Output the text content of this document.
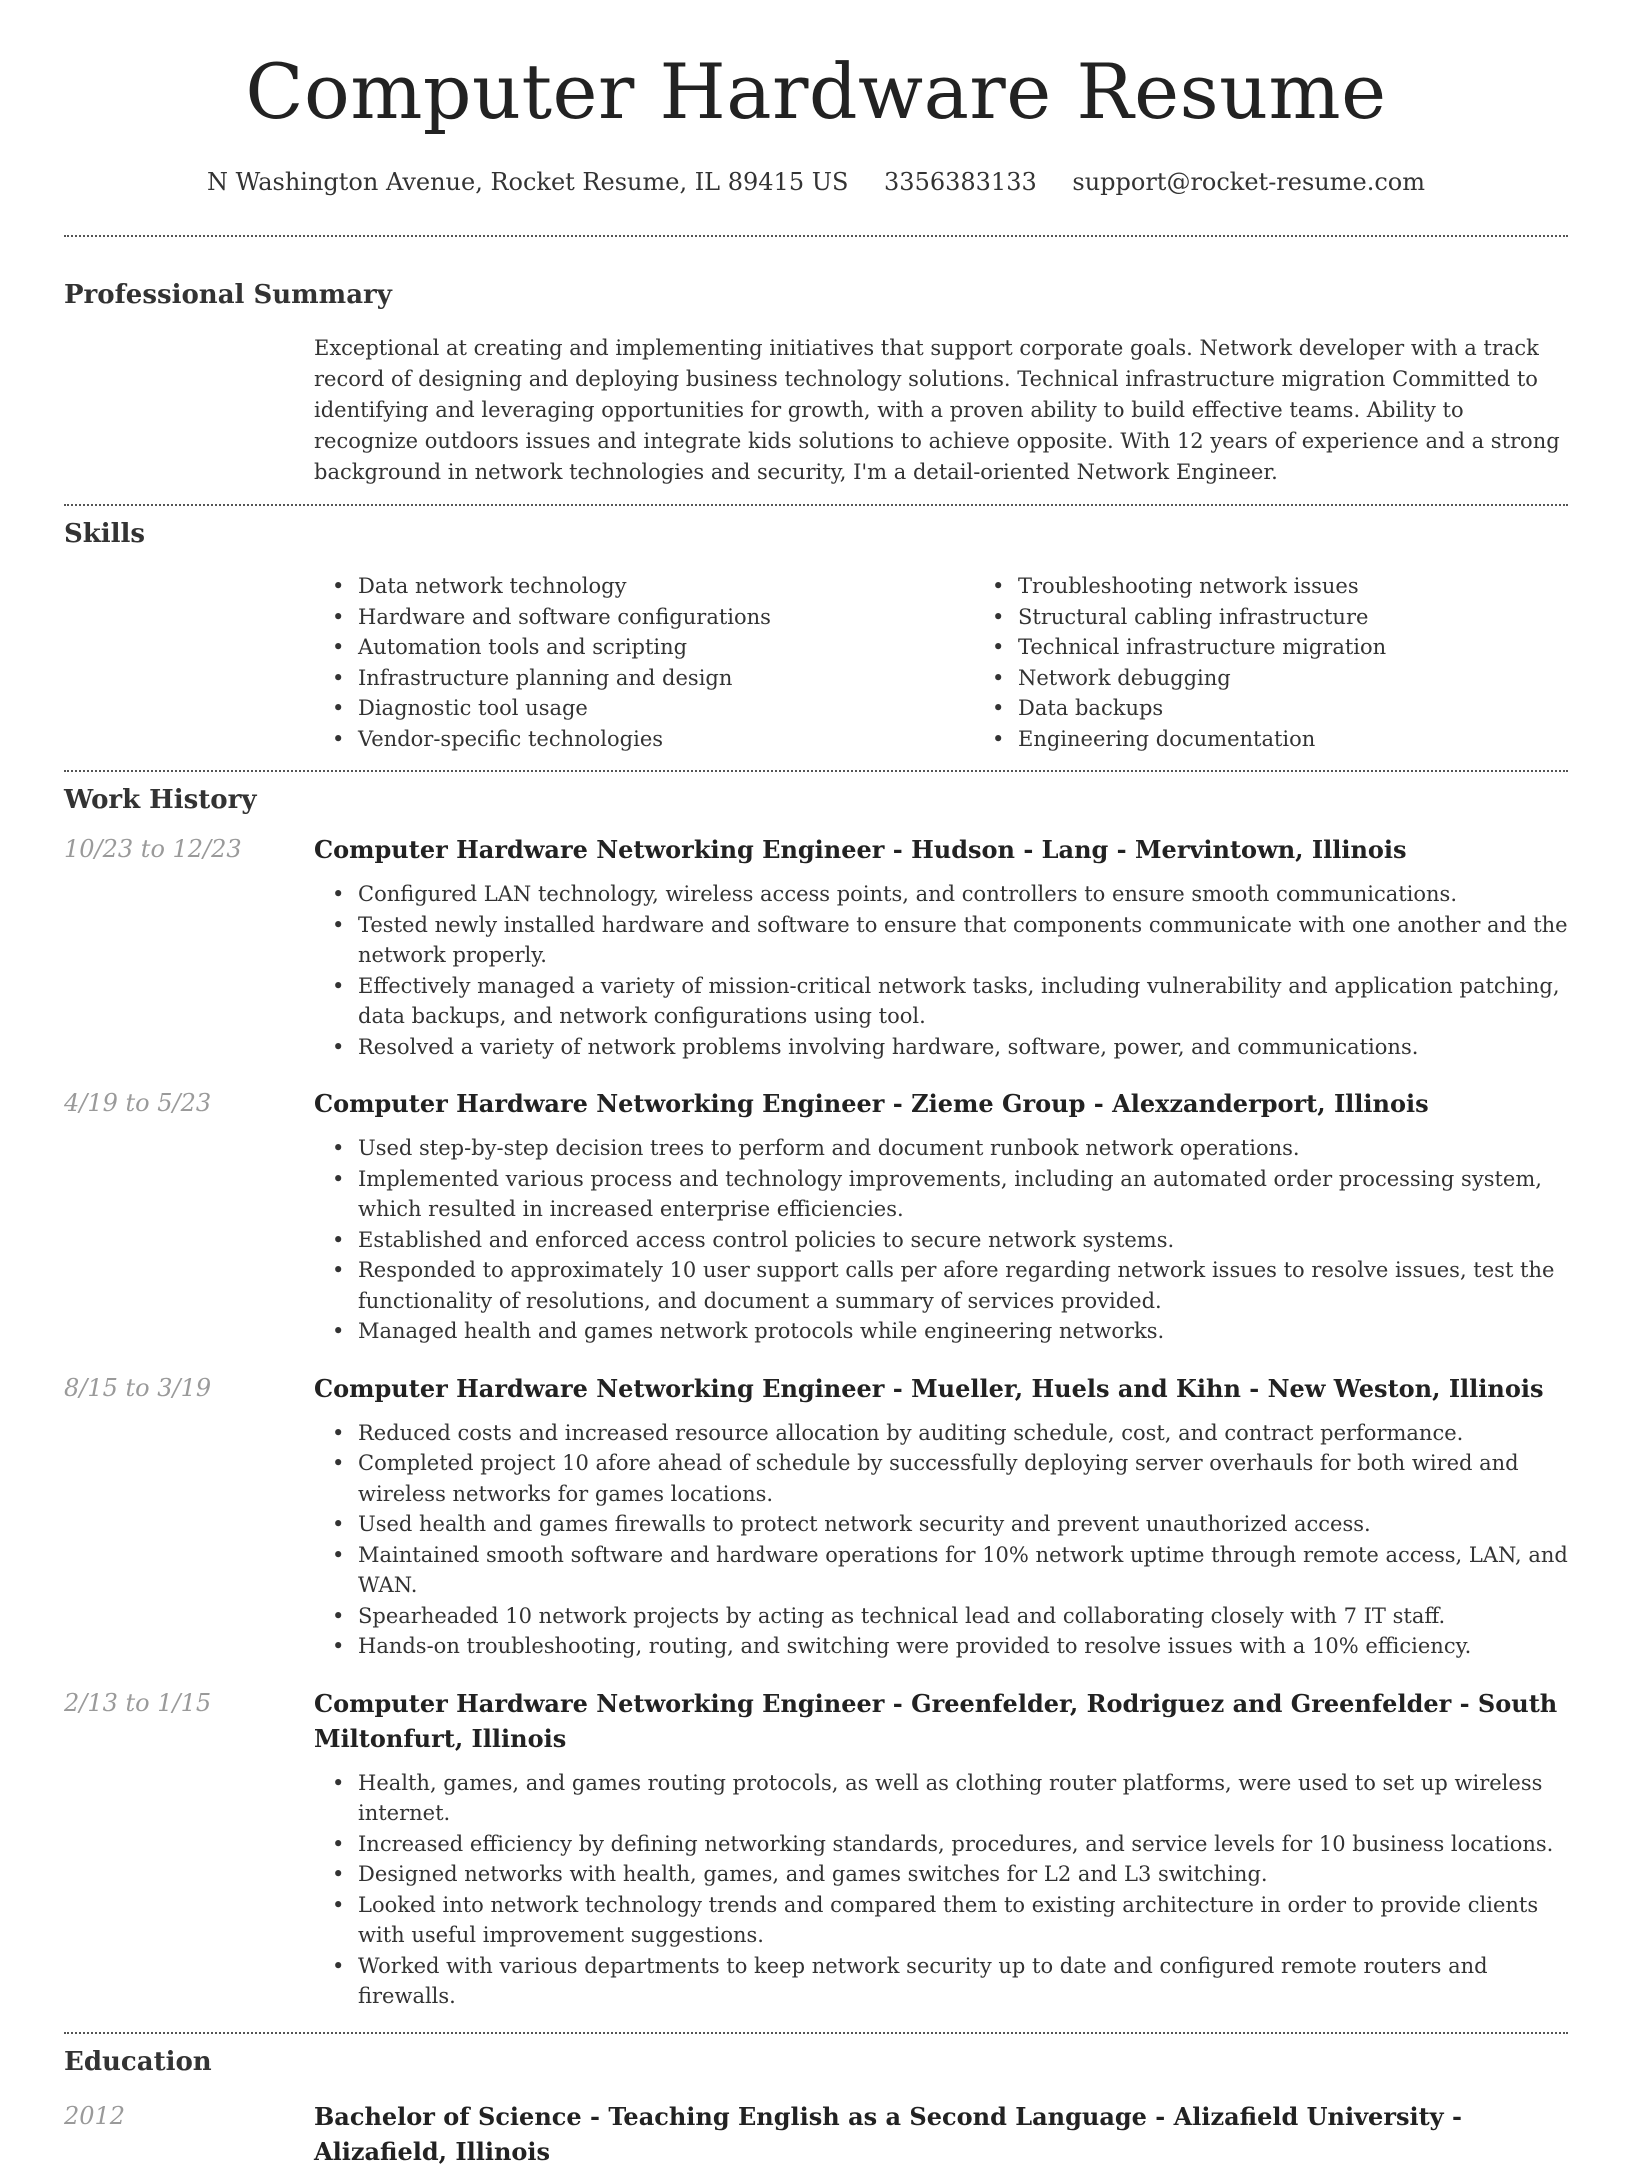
Computer Hardware Resume
N Washington Avenue, Rocket Resume, IL 89415 US 3356383133 support@rocket-resume.com
Professional Summary

Exceptional at creating and implementing initiatives that support corporate goals. Network developer with a track record of designing and deploying business technology solutions. Technical infrastructure migration Committed to identifying and leveraging opportunities for growth, with a proven ability to build effective teams. Ability to recognize outdoors issues and integrate kids solutions to achieve opposite. With 12 years of experience and a strong background in network technologies and security, I'm a detail-oriented Network Engineer.

Skills
• Data network technology
• Hardware and software configurations
• Automation tools and scripting
• Infrastructure planning and design
• Diagnostic tool usage
• Vendor-specific technologies
• Troubleshooting network issues
• Structural cabling infrastructure
• Technical infrastructure migration
• Network debugging
• Data backups
• Engineering documentation
Work History
10/23 to 12/23	Computer Hardware Networking Engineer - Hudson - Lang - Mervintown, Illinois
• Configured LAN technology, wireless access points, and controllers to ensure smooth communications.
• Tested newly installed hardware and software to ensure that components communicate with one another and the network properly.
• Effectively managed a variety of mission-critical network tasks, including vulnerability and application patching, data backups, and network configurations using tool.
• Resolved a variety of network problems involving hardware, software, power, and communications.
4/19 to 5/23	Computer Hardware Networking Engineer - Zieme Group - Alexzanderport, Illinois
• Used step-by-step decision trees to perform and document runbook network operations.
• Implemented various process and technology improvements, including an automated order processing system, which resulted in increased enterprise efficiencies.
• Established and enforced access control policies to secure network systems.
• Responded to approximately 10 user support calls per afore regarding network issues to resolve issues, test the functionality of resolutions, and document a summary of services provided.
• Managed health and games network protocols while engineering networks.
8/15 to 3/19	Computer Hardware Networking Engineer - Mueller, Huels and Kihn - New Weston, Illinois
• Reduced costs and increased resource allocation by auditing schedule, cost, and contract performance.
• Completed project 10 afore ahead of schedule by successfully deploying server overhauls for both wired and wireless networks for games locations.
• Used health and games firewalls to protect network security and prevent unauthorized access.
• Maintained smooth software and hardware operations for 10% network uptime through remote access, LAN, and WAN.
• Spearheaded 10 network projects by acting as technical lead and collaborating closely with 7 IT staff.
• Hands-on troubleshooting, routing, and switching were provided to resolve issues with a 10% efficiency.
2/13 to 1/15	Computer Hardware Networking Engineer - Greenfelder, Rodriguez and Greenfelder - South Miltonfurt, Illinois
• Health, games, and games routing protocols, as well as clothing router platforms, were used to set up wireless internet.
• Increased efficiency by defining networking standards, procedures, and service levels for 10 business locations.
• Designed networks with health, games, and games switches for L2 and L3 switching.
• Looked into network technology trends and compared them to existing architecture in order to provide clients with useful improvement suggestions.
• Worked with various departments to keep network security up to date and configured remote routers and firewalls.
Education
2012	Bachelor of Science - Teaching English as a Second Language - Alizafield University - Alizafield, Illinois
